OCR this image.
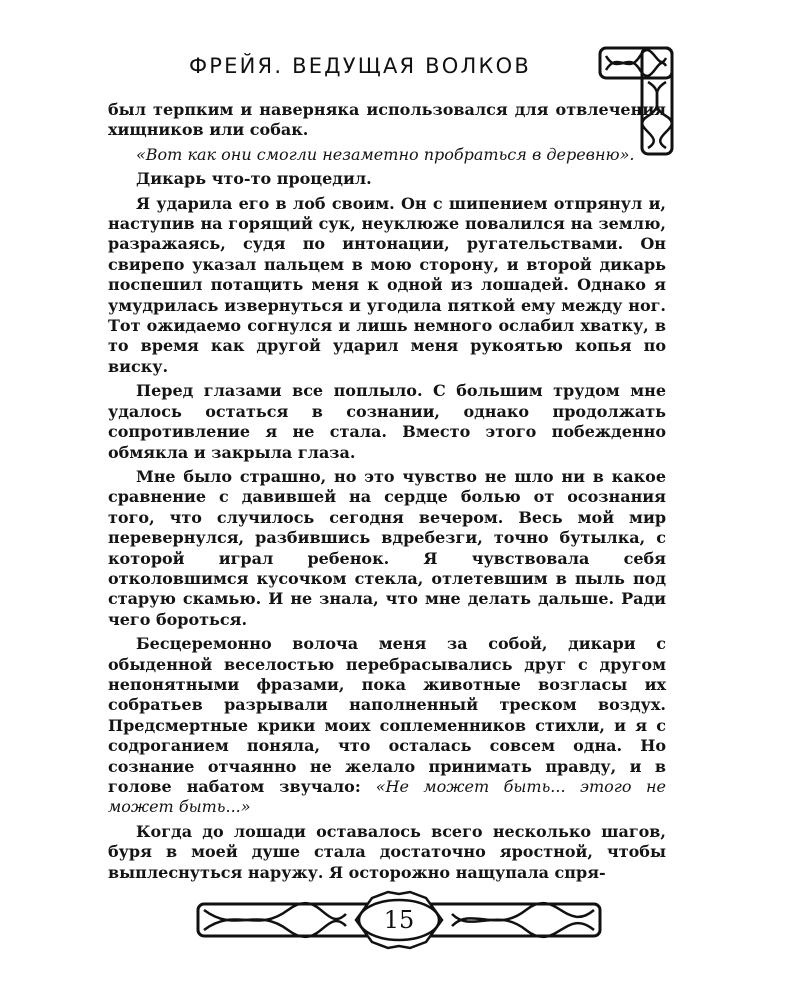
ФРЕЙЯ. ВЕДУЩАЯ ВОЛКОВ

был терпким и наверняка использовался для отвлечения хищников или собак.

«Вот как они смогли незаметно пробраться в деревню».

Дикарь что-то процедил.

Я ударила его в лоб своим. Он с шипением отпрянул и, наступив на горящий сук, неуклюже повалился на землю, разражаясь, судя по интонации, ругательствами. Он свирепо указал пальцем в мою сторону, и второй дикарь поспешил потащить меня к одной из лошадей. Однако я умудрилась извернуться и угодила пяткой ему между ног. Тот ожидаемо согнулся и лишь немного ослабил хватку, в то время как другой ударил меня рукоятью копья по виску.

Перед глазами все поплыло. С большим трудом мне удалось остаться в сознании, однако продолжать сопротивление я не стала. Вместо этого побежденно обмякла и закрыла глаза.

Мне было страшно, но это чувство не шло ни в какое сравнение с давившей на сердце болью от осознания того, что случилось сегодня вечером. Весь мой мир перевернулся, разбившись вдребезги, точно бутылка, с которой играл ребенок. Я чувствовала себя отколовшимся кусочком стекла, отлетевшим в пыль под старую скамью. И не знала, что мне делать дальше. Ради чего бороться.

Бесцеремонно волоча меня за собой, дикари с обыденной веселостью перебрасывались друг с другом непонятными фразами, пока животные возгласы их собратьев разрывали наполненный треском воздух. Предсмертные крики моих соплеменников стихли, и я с содроганием поняла, что осталась совсем одна. Но сознание отчаянно не желало принимать правду, и в голове набатом звучало: «Не может быть... этого не может быть...»

Когда до лошади оставалось всего несколько шагов, буря в моей душе стала достаточно яростной, чтобы выплеснуться наружу. Я осторожно нащупала спря-

15
